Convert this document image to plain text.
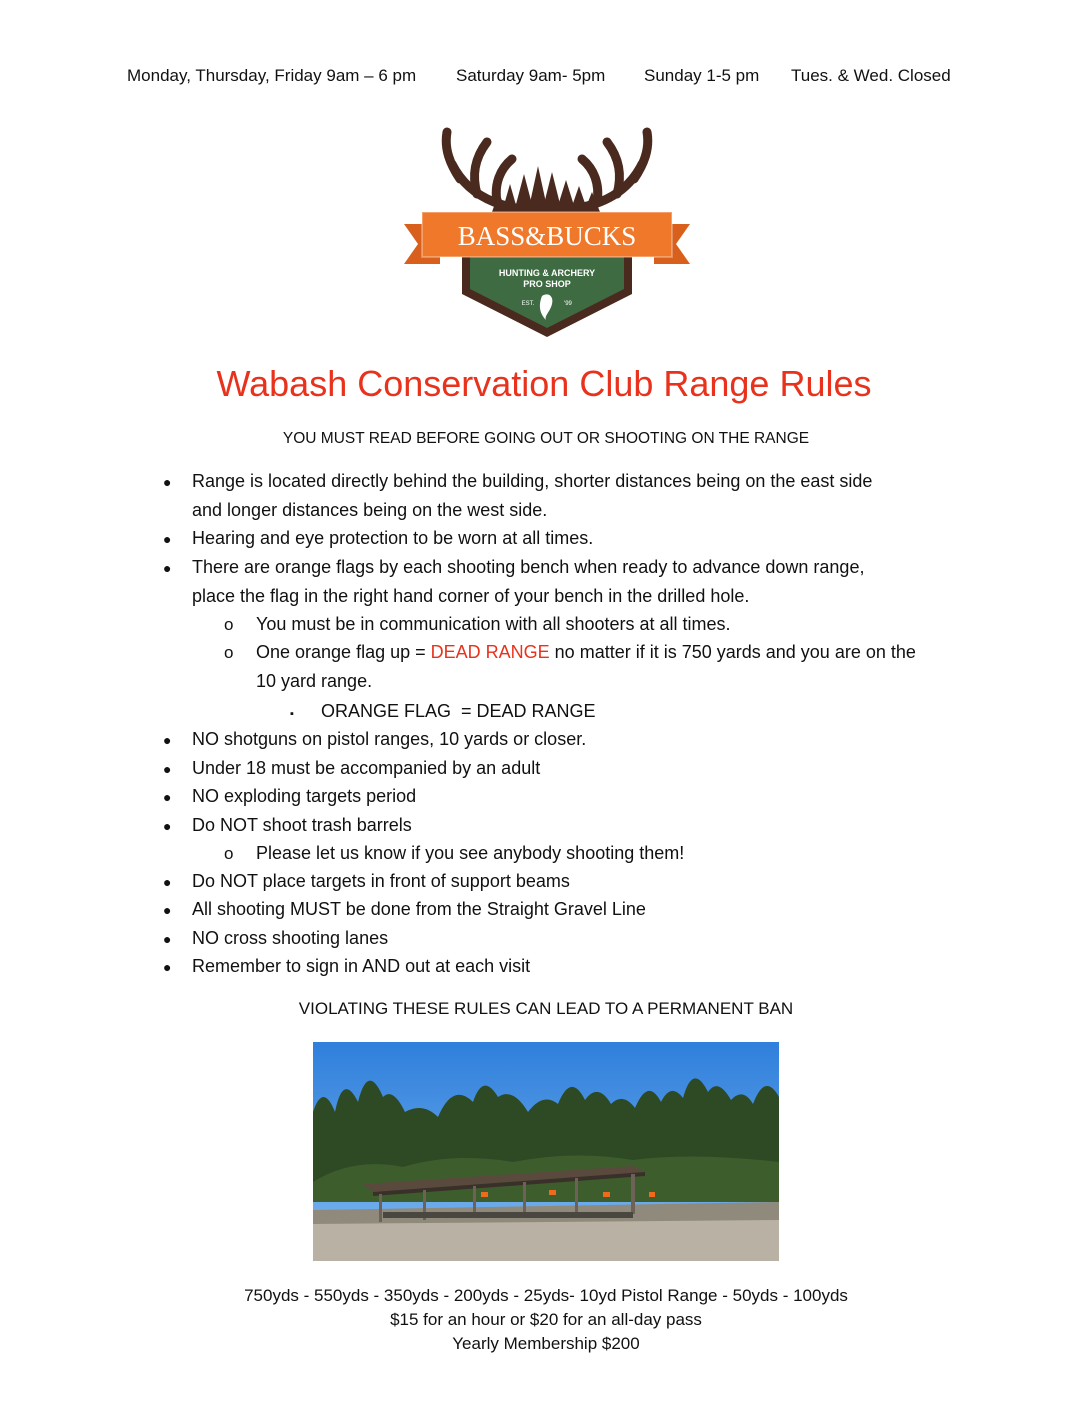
Monday, Thursday, Friday 9am – 6 pm

Saturday 9am- 5pm

Sunday 1-5 pm

Tues. & Wed. Closed

BASS&BUCKS
HUNTING & ARCHERY
PRO SHOP
EST.	'99
Wabash Conservation Club Range Rules
YOU MUST READ BEFORE GOING OUT OR SHOOTING ON THE RANGE
● Range is located directly behind the building, shorter distances being on the east side
and longer distances being on the west side.
● Hearing and eye protection to be worn at all times.
● There are orange flags by each shooting bench when ready to advance down range,
place the flag in the right hand corner of your bench in the drilled hole.
o You must be in communication with all shooters at all times.
o One orange flag up = DEAD RANGE no matter if it is 750 yards and you are on the
10 yard range.
▪ ORANGE FLAG  = DEAD RANGE
● NO shotguns on pistol ranges, 10 yards or closer.
● Under 18 must be accompanied by an adult
● NO exploding targets period
● Do NOT shoot trash barrels
o Please let us know if you see anybody shooting them!
● Do NOT place targets in front of support beams
● All shooting MUST be done from the Straight Gravel Line
● NO cross shooting lanes
● Remember to sign in AND out at each visit
VIOLATING THESE RULES CAN LEAD TO A PERMANENT BAN
750yds - 550yds - 350yds - 200yds - 25yds- 10yd Pistol Range - 50yds - 100yds
$15 for an hour or $20 for an all-day pass
Yearly Membership $200
